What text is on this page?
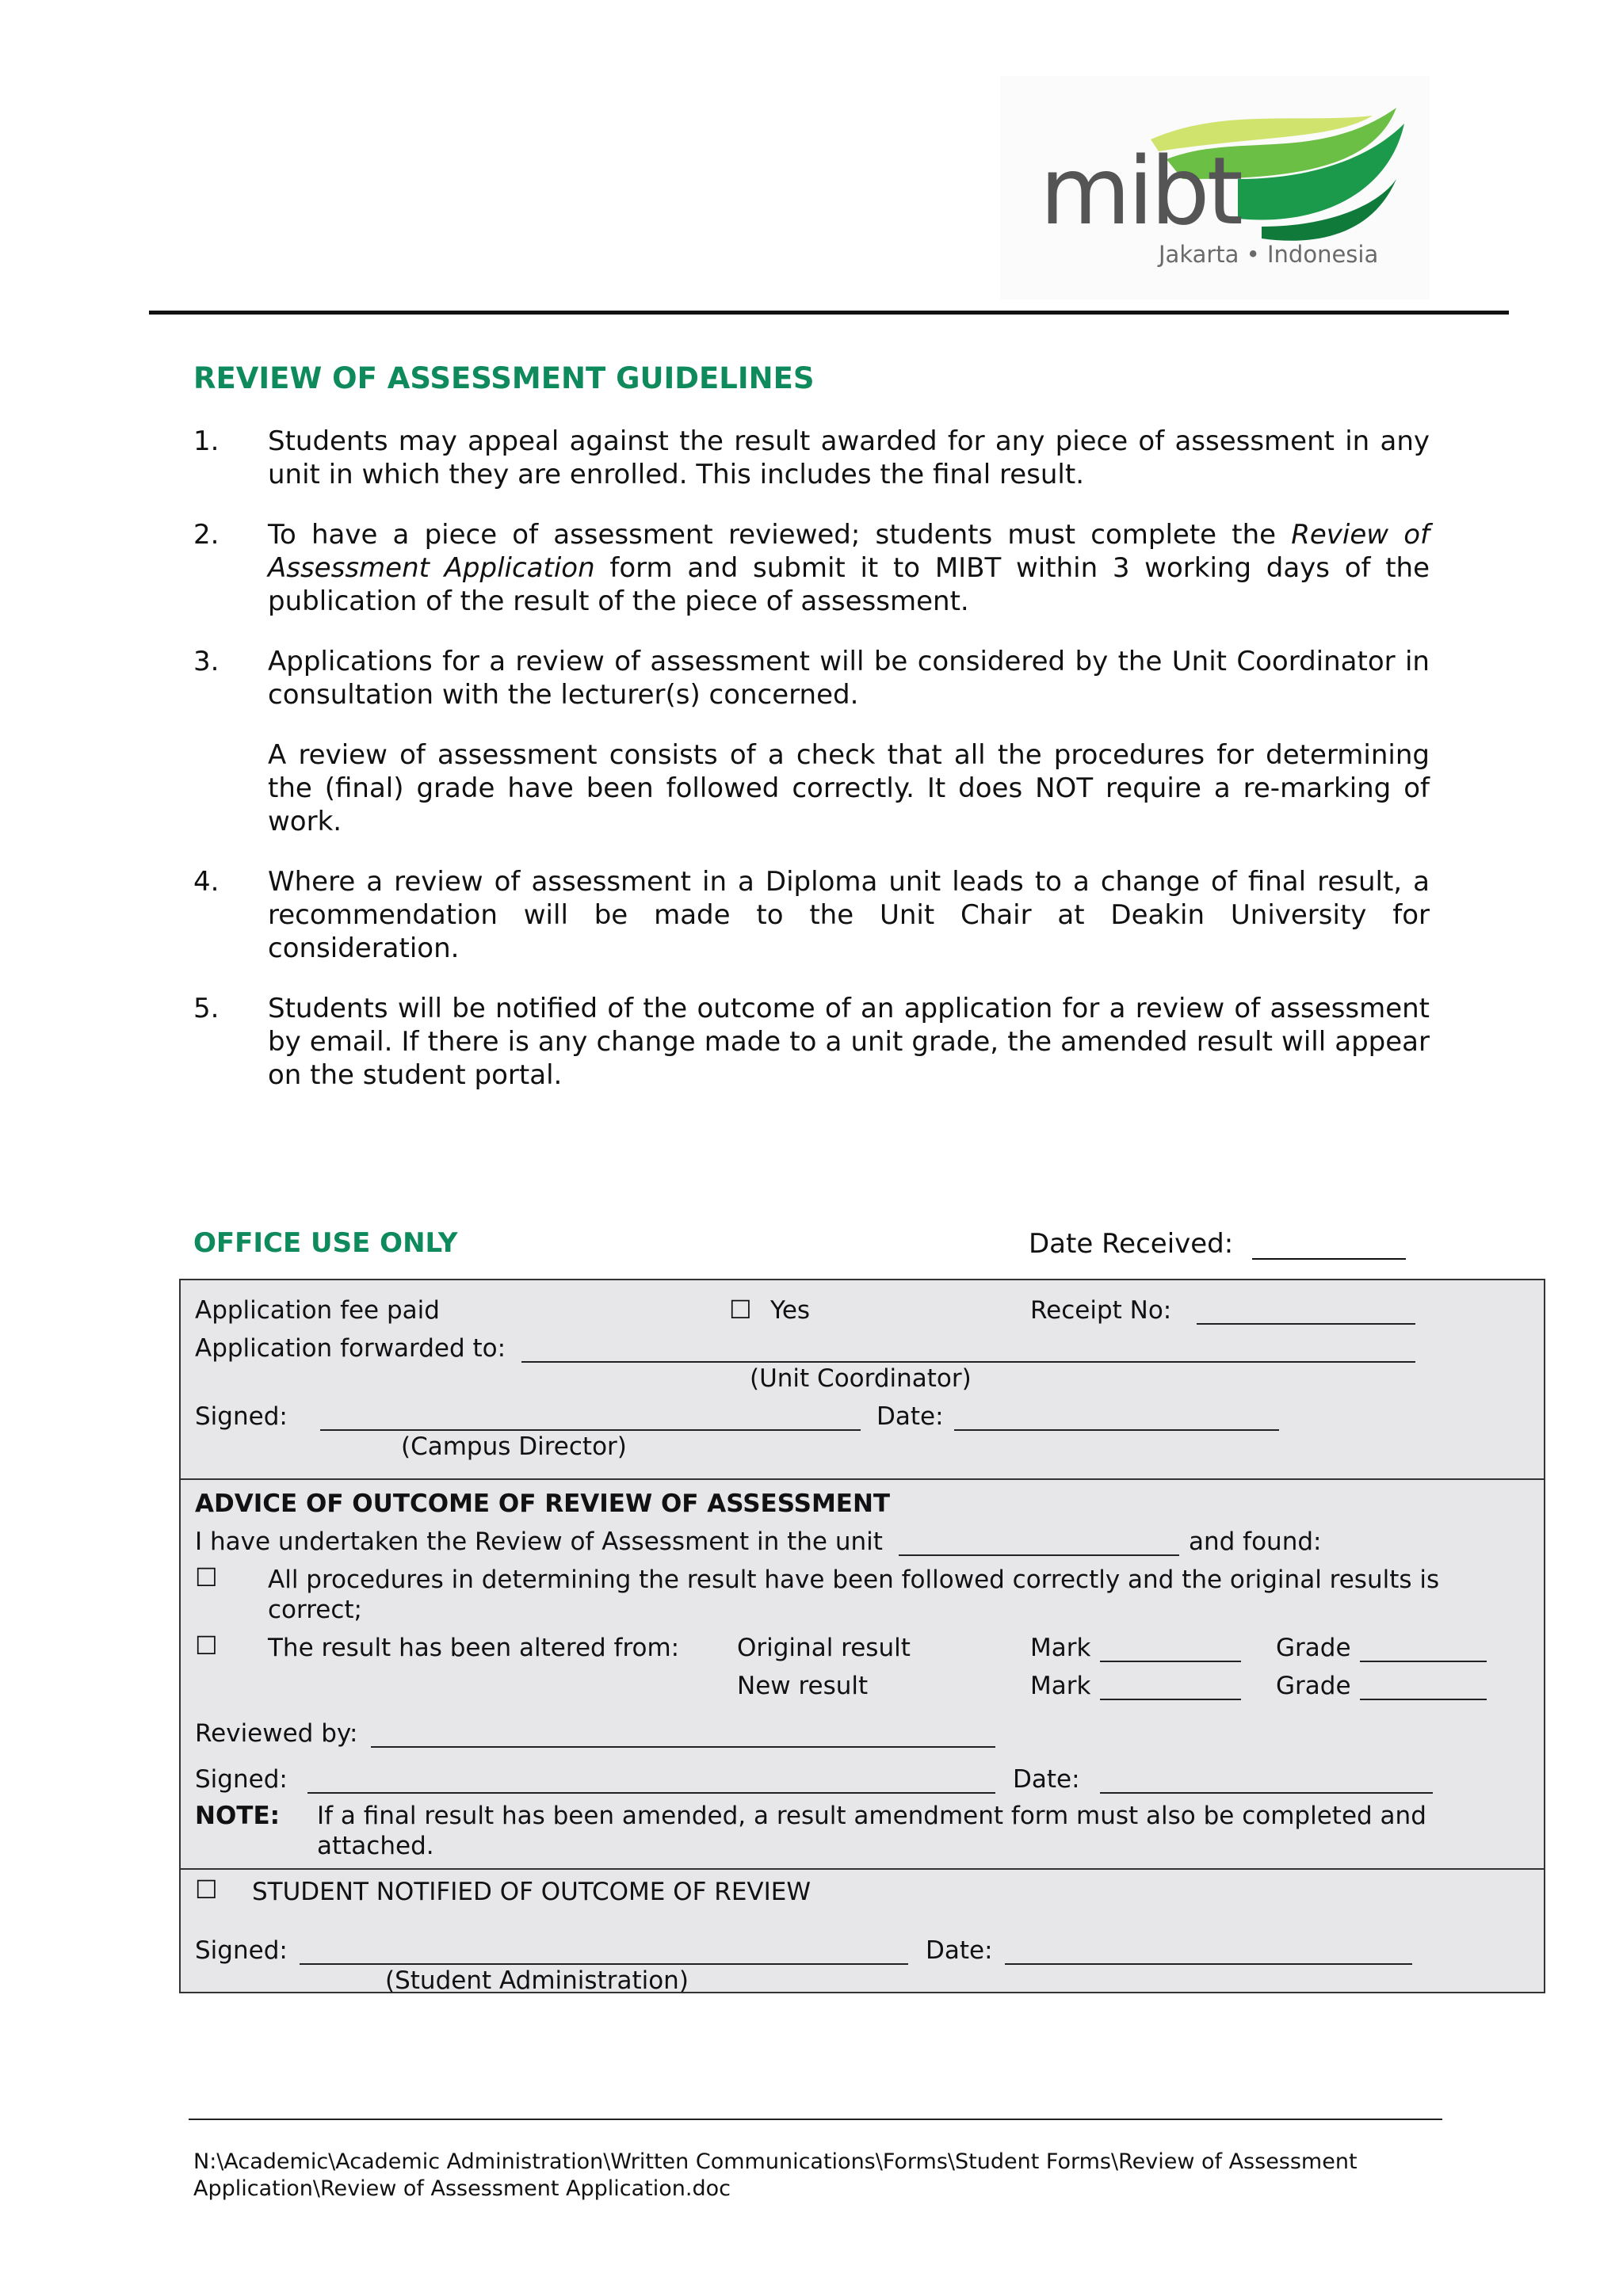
mibt
Jakarta • Indonesia
REVIEW OF ASSESSMENT GUIDELINES
1. Students may appeal against the result awarded for any piece of assessment in any unit in which they are enrolled. This includes the final result.

2. To have a piece of assessment reviewed; students must complete the Review of Assessment Application form and submit it to MIBT within 3 working days of the publication of the result of the piece of assessment.

3. Applications for a review of assessment will be considered by the Unit Coordinator in consultation with the lecturer(s) concerned.

A review of assessment consists of a check that all the procedures for determining the (final) grade have been followed correctly. It does NOT require a re-marking of work.

4. Where a review of assessment in a Diploma unit leads to a change of final result, a recommendation will be made to the Unit Chair at Deakin University for consideration.

5. Students will be notified of the outcome of an application for a review of assessment by email. If there is any change made to a unit grade, the amended result will appear on the student portal.

OFFICE USE ONLY	Date Received:
Application fee paid	☐ Yes	Receipt No:
Application forwarded to:
(Unit Coordinator)
Signed:	Date:
(Campus Director)
ADVICE OF OUTCOME OF REVIEW OF ASSESSMENT
I have undertaken the Review of Assessment in the unit	and found:
☐ All procedures in determining the result have been followed correctly and the original results is
correct;
☐ The result has been altered from: Original result	Mark	Grade
New result	Mark	Grade
Reviewed by:
Signed:	Date:
NOTE: If a final result has been amended, a result amendment form must also be completed and
attached.
☐ STUDENT NOTIFIED OF OUTCOME OF REVIEW
Signed:	Date:
(Student Administration)
N:\Academic\Academic Administration\Written Communications\Forms\Student Forms\Review of Assessment
Application\Review of Assessment Application.doc
